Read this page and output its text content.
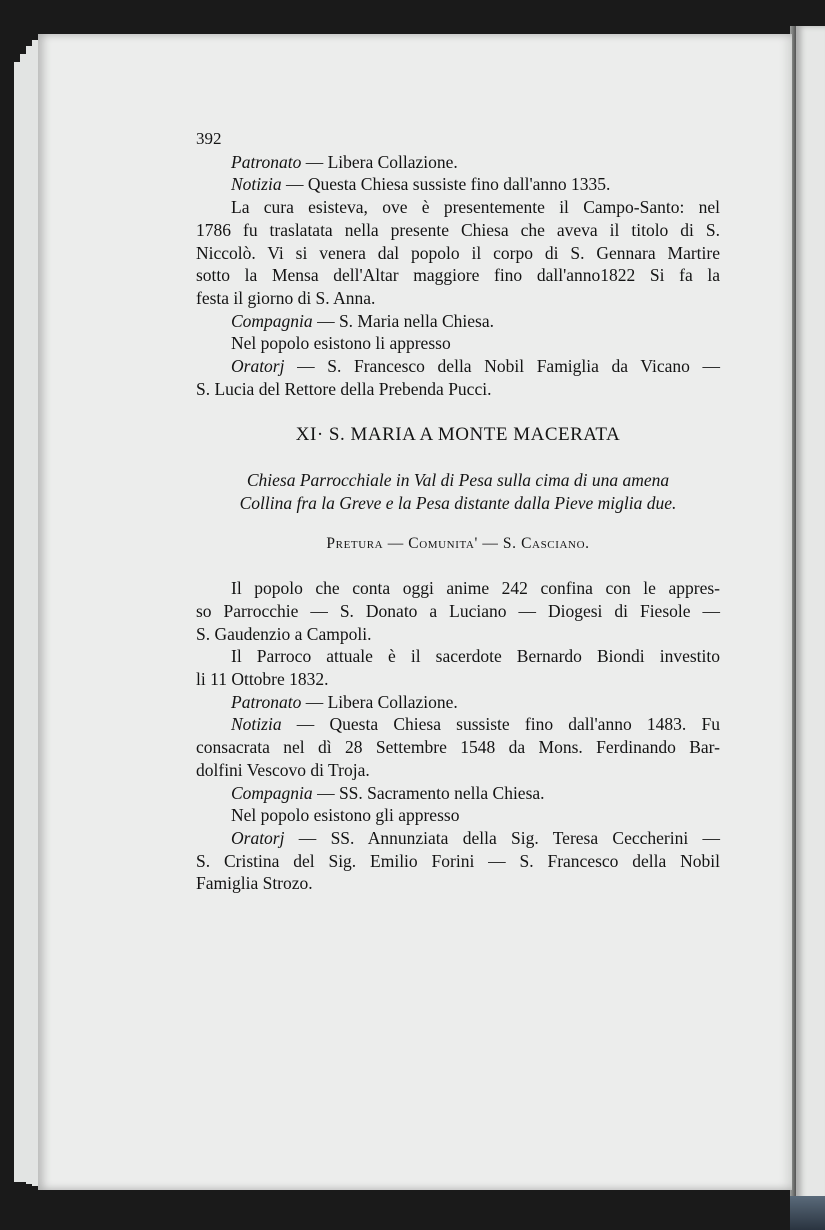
392

Patronato — Libera Collazione.

Notizia — Questa Chiesa sussiste fino dall'anno 1335.

La cura esisteva, ove è presentemente il Campo-Santo: nel

1786 fu traslatata nella presente Chiesa che aveva il titolo di S.

Niccolò. Vi si venera dal popolo il corpo di S. Gennara Martire

sotto la Mensa dell'Altar maggiore fino dall'anno1822 Si fa la

festa il giorno di S. Anna.

Compagnia — S. Maria nella Chiesa.

Nel popolo esistono li appresso

Oratorj — S. Francesco della Nobil Famiglia da Vicano —

S. Lucia del Rettore della Prebenda Pucci.

XI· S. MARIA A MONTE MACERATA

Chiesa Parrocchiale in Val di Pesa sulla cima di una amena

Collina fra la Greve e la Pesa distante dalla Pieve miglia due.

Pretura — Comunita' — S. Casciano.

Il popolo che conta oggi anime 242 confina con le appres-

so Parrocchie — S. Donato a Luciano — Diogesi di Fiesole —

S. Gaudenzio a Campoli.

Il Parroco attuale è il sacerdote Bernardo Biondi investito

li 11 Ottobre 1832.

Patronato — Libera Collazione.

Notizia — Questa Chiesa sussiste fino dall'anno 1483. Fu

consacrata nel dì 28 Settembre 1548 da Mons. Ferdinando Bar-

dolfini Vescovo di Troja.

Compagnia — SS. Sacramento nella Chiesa.

Nel popolo esistono gli appresso

Oratorj — SS. Annunziata della Sig. Teresa Ceccherini —

S. Cristina del Sig. Emilio Forini — S. Francesco della Nobil

Famiglia Strozo.
